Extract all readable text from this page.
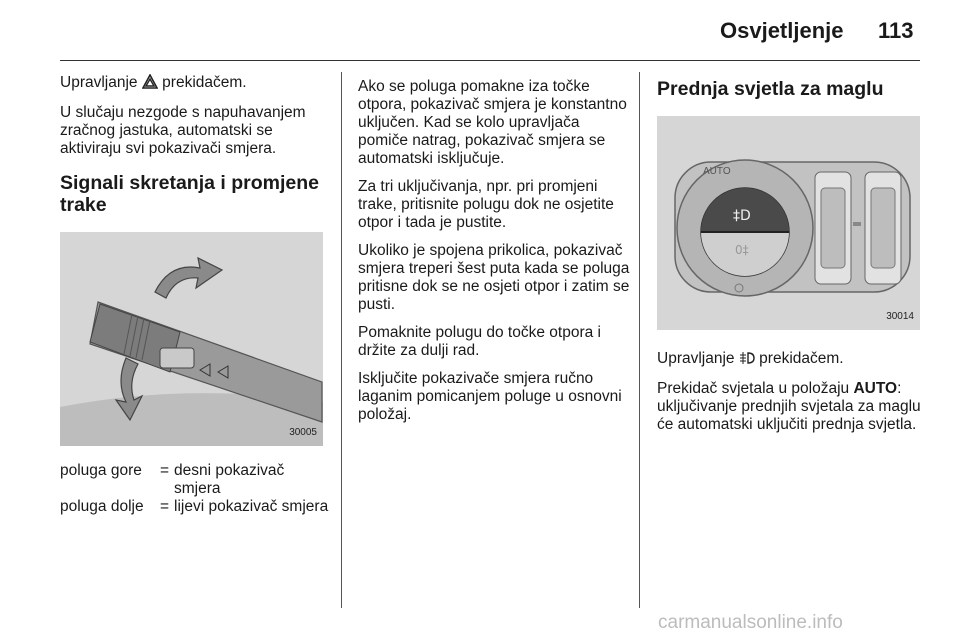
Osvjetljenje 113

Upravljanje prekidačem.

U slučaju nezgode s napuhavanjem zračnog jastuka, automatski se aktiviraju svi pokazivači smjera.

Signali skretanja i promjene trake
30005
poluga gore	= desni pokazivač smjera
poluga dolje	= lijevi pokazivač smjera

Ako se poluga pomakne iza točke otpora, pokazivač smjera je konstantno uključen. Kad se kolo upravljača pomiče natrag, pokazivač smjera se automatski isključuje.

Za tri uključivanja, npr. pri promjeni trake, pritisnite polugu dok ne osjetite otpor i tada je pustite.

Ukoliko je spojena prikolica, pokazivač smjera treperi šest puta kada se poluga pritisne dok se ne osjeti otpor i zatim se pusti.

Pomaknite polugu do točke otpora i držite za dulji rad.

Isključite pokazivače smjera ručno laganim pomicanjem poluge u osnovni položaj.

Prednja svjetla za maglu
AUTO
‡D
0‡
30014

Upravljanje prekidačem.

Prekidač svjetala u položaju AUTO: uključivanje prednjih svjetala za maglu će automatski uključiti prednja svjetla.

carmanualsonline.info
